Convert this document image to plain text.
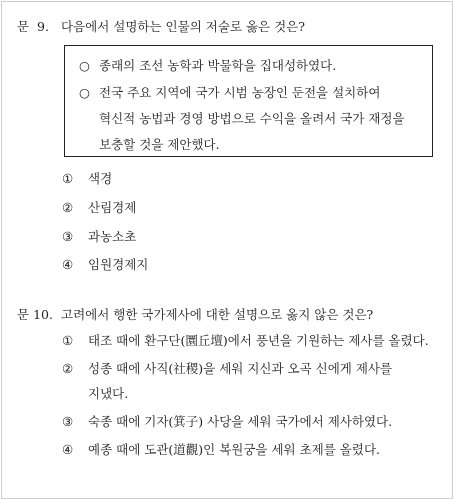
문 9. 다음에서 설명하는 인물의 저술로 옳은 것은?
○ 종래의 조선 농학과 박물학을 집대성하였다.
○ 전국 주요 지역에 국가 시범 농장인 둔전을 설치하여
혁신적 농법과 경영 방법으로 수익을 올려서 국가 재정을
보충할 것을 제안했다.
① 색경
② 산림경제
③ 과농소초
④ 임원경제지
문 10. 고려에서 행한 국가제사에 대한 설명으로 옳지 않은 것은?
① 태조 때에 환구단(圜丘壇)에서 풍년을 기원하는 제사를 올렸다.
② 성종 때에 사직(社稷)을 세워 지신과 오곡 신에게 제사를
지냈다.
③ 숙종 때에 기자(箕子) 사당을 세워 국가에서 제사하였다.
④ 예종 때에 도관(道觀)인 복원궁을 세워 초제를 올렸다.
